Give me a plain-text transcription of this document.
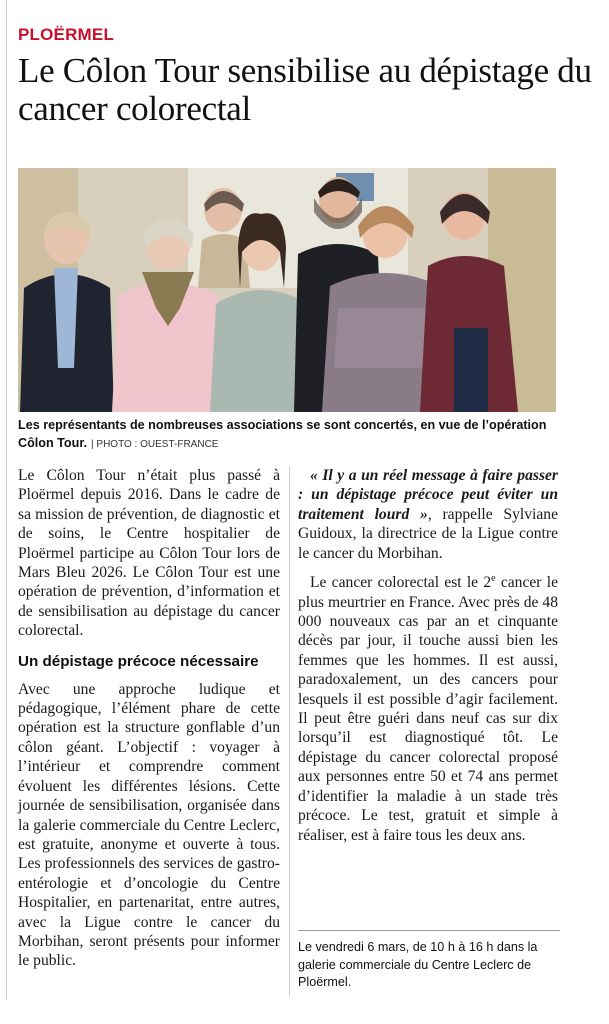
PLOËRMEL
Le Côlon Tour sensibilise au dépistage du cancer colorectal
Les représentants de nombreuses associations se sont concertés, en vue de l’opération Côlon Tour. | PHOTO : OUEST-FRANCE

Le Côlon Tour n’était plus passé à Ploërmel depuis 2016. Dans le cadre de sa mission de prévention, de diagnostic et de soins, le Centre hospitalier de Ploërmel participe au Côlon Tour lors de Mars Bleu 2026. Le Côlon Tour est une opération de prévention, d’information et de sensibilisation au dépistage du cancer colorectal.

Un dépistage précoce nécessaire

Avec une approche ludique et pédagogique, l’élément phare de cette opération est la structure gonflable d’un côlon géant. L’objectif : voyager à l’intérieur et comprendre comment évoluent les différentes lésions. Cette journée de sensibilisation, organisée dans la galerie commerciale du Centre Leclerc, est gratuite, anonyme et ouverte à tous. Les professionnels des services de gastro-entérologie et d’oncologie du Centre Hospitalier, en partenaritat, entre autres, avec la Ligue contre le cancer du Morbihan, seront présents pour informer le public.

« Il y a un réel message à faire passer : un dépistage précoce peut éviter un traitement lourd », rappelle Sylviane Guidoux, la directrice de la Ligue contre le cancer du Morbihan.

Le cancer colorectal est le 2e cancer le plus meurtrier en France. Avec près de 48 000 nouveaux cas par an et cinquante décès par jour, il touche aussi bien les femmes que les hommes. Il est aussi, paradoxalement, un des cancers pour lesquels il est possible d’agir facilement. Il peut être guéri dans neuf cas sur dix lorsqu’il est diagnostiqué tôt. Le dépistage du cancer colorectal proposé aux personnes entre 50 et 74 ans permet d’identifier la maladie à un stade très précoce. Le test, gratuit et simple à réaliser, est à faire tous les deux ans.

Le vendredi 6 mars, de 10 h à 16 h dans la galerie commerciale du Centre Leclerc de Ploërmel.
